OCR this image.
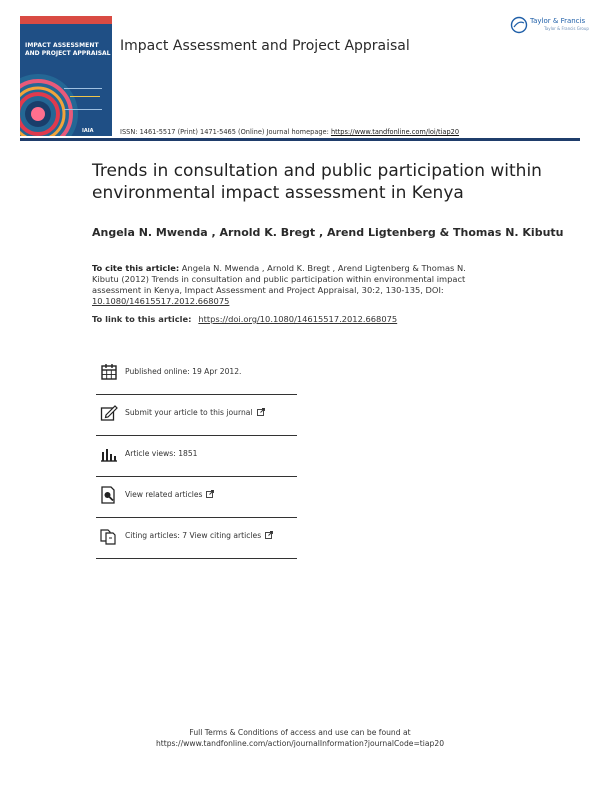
IMPACT ASSESSMENT
AND PROJECT APPRAISAL
IAIA
Impact Assessment and Project Appraisal
Taylor & Francis
Taylor & Francis Group
ISSN: 1461-5517 (Print) 1471-5465 (Online) Journal homepage: https://www.tandfonline.com/loi/tiap20
Trends in consultation and public participation within environmental impact assessment in Kenya
Angela N. Mwenda , Arnold K. Bregt , Arend Ligtenberg & Thomas N. Kibutu
To cite this article: Angela N. Mwenda , Arnold K. Bregt , Arend Ligtenberg & Thomas N. Kibutu (2012) Trends in consultation and public participation within environmental impact assessment in Kenya, Impact Assessment and Project Appraisal, 30:2, 130-135, DOI: 10.1080/14615517.2012.668075
To link to this article: https://doi.org/10.1080/14615517.2012.668075
Published online: 19 Apr 2012.
Submit your article to this journal
Article views: 1851
View related articles
Citing articles: 7 View citing articles
Full Terms & Conditions of access and use can be found at
https://www.tandfonline.com/action/journalInformation?journalCode=tiap20
